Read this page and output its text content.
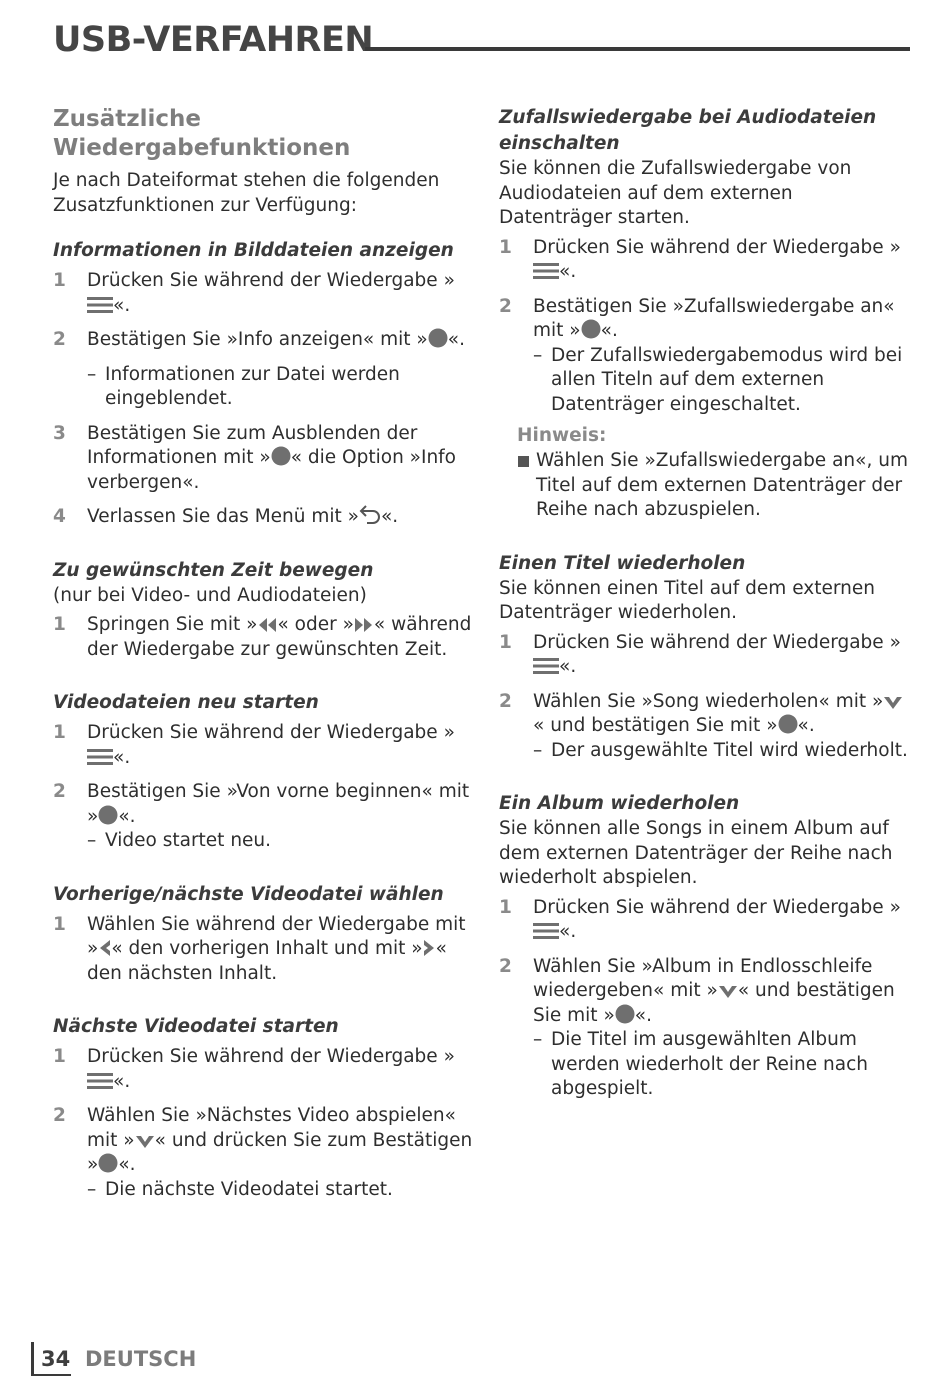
USB-VERFAHREN
Zusätzliche Wiedergabefunktionen

Je nach Dateiformat stehen die folgenden Zusatzfunktionen zur Verfügung:

Informationen in Bilddateien anzeigen
1 Drücken Sie während der Wiedergabe »«.
2 Bestätigen Sie »Info anzeigen« mit » «.
– Informationen zur Datei werden eingeblendet.
3 Bestätigen Sie zum Ausblenden der Informationen mit » « die Option »Info verbergen«.
4 Verlassen Sie das Menü mit » «.
Zu gewünschten Zeit bewegen

(nur bei Video- und Audiodateien)

1 Springen Sie mit » « oder » « während der Wiedergabe zur gewünschten Zeit.
Videodateien neu starten
1 Drücken Sie während der Wiedergabe »«.
2 Bestätigen Sie »Von vorne beginnen« mit » «.
– Video startet neu.
Vorherige/nächste Videodatei wählen
1 Wählen Sie während der Wiedergabe mit » « den vorherigen Inhalt und mit » « den nächsten Inhalt.
Nächste Videodatei starten
1 Drücken Sie während der Wiedergabe »«.
2 Wählen Sie »Nächstes Video abspielen« mit » « und drücken Sie zum Bestätigen » «.
– Die nächste Videodatei startet.
Zufallswiedergabe bei Audiodateien einschalten

Sie können die Zufallswiedergabe von Audiodateien auf dem externen Datenträger starten.

1 Drücken Sie während der Wiedergabe »«.
2 Bestätigen Sie »Zufallswiedergabe an« mit » «.
– Der Zufallswiedergabemodus wird bei allen Titeln auf dem externen Datenträger eingeschaltet.

Hinweis:

Wählen Sie »Zufallswiedergabe an«, um Titel auf dem externen Datenträger der Reihe nach abzuspielen.
Einen Titel wiederholen

Sie können einen Titel auf dem externen Datenträger wiederholen.

1 Drücken Sie während der Wiedergabe »«.
2 Wählen Sie »Song wiederholen« mit »« und bestätigen Sie mit » «.
– Der ausgewählte Titel wird wiederholt.
Ein Album wiederholen

Sie können alle Songs in einem Album auf dem externen Datenträger der Reihe nach wiederholt abspielen.

1 Drücken Sie während der Wiedergabe »«.
2 Wählen Sie »Album in Endlosschleife wiedergeben« mit » « und bestätigen Sie mit » «.
– Die Titel im ausgewählten Album werden wiederholt der Reine nach abgespielt.
34 DEUTSCH
